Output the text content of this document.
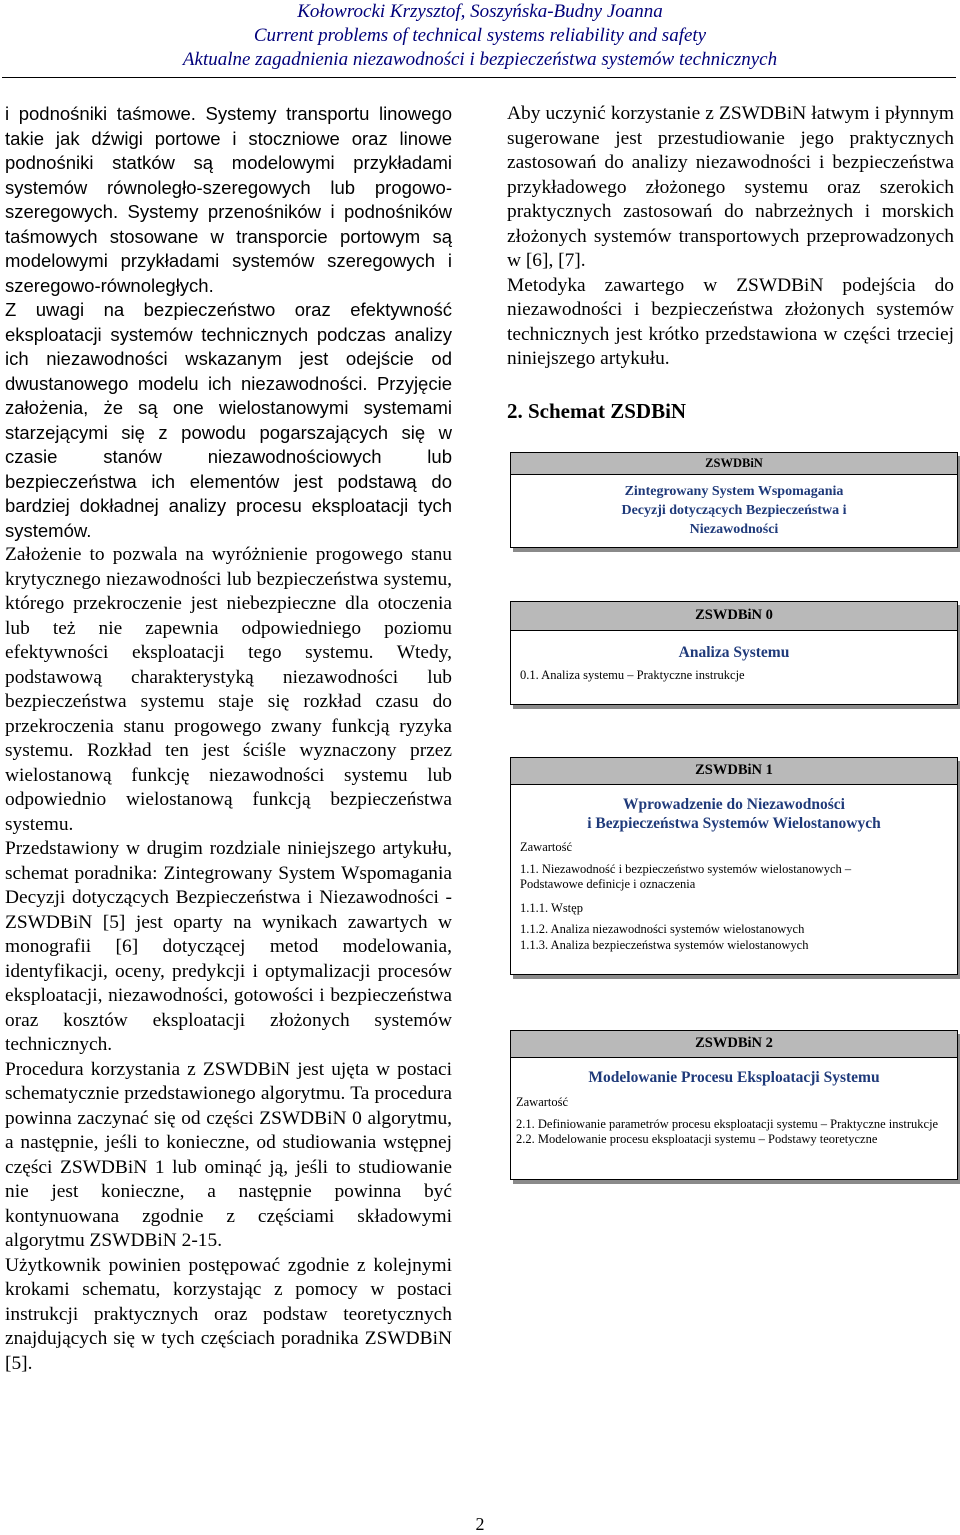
Kołowrocki Krzysztof, Soszyńska-Budny Joanna
Current problems of technical systems reliability and safety
Aktualne zagadnienia niezawodności i bezpieczeństwa systemów technicznych

i podnośniki taśmowe. Systemy transportu linowego takie jak dźwigi portowe i stoczniowe oraz linowe podnośniki statków są modelowymi przykładami systemów równoległo-szeregowych lub progowo-szeregowych. Systemy przenośników i podnośników taśmowych stosowane w transporcie portowym są modelowymi przykładami systemów szeregowych i szeregowo-równoległych.

Z uwagi na bezpieczeństwo oraz efektywność eksploatacji systemów technicznych podczas analizy ich niezawodności wskazanym jest odejście od dwustanowego modelu ich niezawodności. Przyjęcie założenia, że są one wielostanowymi systemami starzejącymi się z powodu pogarszających się w czasie stanów niezawodnościowych lub bezpieczeństwa ich elementów jest podstawą do bardziej dokładnej analizy procesu eksploatacji tych systemów.

Założenie to pozwala na wyróżnienie progowego stanu krytycznego niezawodności lub bezpieczeństwa systemu, którego przekroczenie jest niebezpieczne dla otoczenia lub też nie zapewnia odpowiedniego poziomu efektywności eksploatacji tego systemu. Wtedy, podstawową charakterystyką niezawodności lub bezpieczeństwa systemu staje się rozkład czasu do przekroczenia stanu progowego zwany funkcją ryzyka systemu. Rozkład ten jest ściśle wyznaczony przez wielostanową funkcję niezawodności systemu lub odpowiednio wielostanową funkcją bezpieczeństwa systemu.

Przedstawiony w drugim rozdziale niniejszego artykułu, schemat poradnika: Zintegrowany System Wspomagania Decyzji dotyczących Bezpieczeństwa i Niezawodności - ZSWDBiN [5] jest oparty na wynikach zawartych w monografii [6] dotyczącej metod modelowania, identyfikacji, oceny, predykcji i optymalizacji procesów eksploatacji, niezawodności, gotowości i bezpieczeństwa oraz kosztów eksploatacji złożonych systemów technicznych.

Procedura korzystania z ZSWDBiN jest ujęta w postaci schematycznie przedstawionego algorytmu. Ta procedura powinna zaczynać się od części ZSWDBiN 0 algorytmu, a następnie, jeśli to konieczne, od studiowania wstępnej części ZSWDBiN 1 lub ominąć ją, jeśli to studiowanie nie jest konieczne, a następnie powinna być kontynuowana zgodnie z częściami składowymi algorytmu ZSWDBiN 2-15.

Użytkownik powinien postępować zgodnie z kolejnymi krokami schematu, korzystając z pomocy w postaci instrukcji praktycznych oraz podstaw teoretycznych znajdujących się w tych częściach poradnika ZSWDBiN [5].

Aby uczynić korzystanie z ZSWDBiN łatwym i płynnym sugerowane jest przestudiowanie jego praktycznych zastosowań do analizy niezawodności i bezpieczeństwa przykładowego złożonego systemu oraz szerokich praktycznych zastosowań do nabrzeżnych i morskich złożonych systemów transportowych przeprowadzonych w [6], [7].

Metodyka zawartego w ZSWDBiN podejścia do niezawodności i bezpieczeństwa złożonych systemów technicznych jest krótko przedstawiona w części trzeciej niniejszego artykułu.

2. Schemat ZSDBiN
ZSWDBiN
Zintegrowany System Wspomagania
Decyzji dotyczących Bezpieczeństwa i
Niezawodności
ZSWDBiN 0
Analiza Systemu
0.1. Analiza systemu – Praktyczne instrukcje
ZSWDBiN 1
Wprowadzenie do Niezawodności
i Bezpieczeństwa Systemów Wielostanowych
Zawartość
1.1. Niezawodność i bezpieczeństwo systemów wielostanowych –
Podstawowe definicje i oznaczenia
1.1.1. Wstęp
1.1.2. Analiza niezawodności systemów wielostanowych
1.1.3. Analiza bezpieczeństwa systemów wielostanowych
ZSWDBiN 2
Modelowanie Procesu Eksploatacji Systemu
Zawartość
2.1. Definiowanie parametrów procesu eksploatacji systemu – Praktyczne instrukcje
2.2. Modelowanie procesu eksploatacji systemu – Podstawy teoretyczne
2
